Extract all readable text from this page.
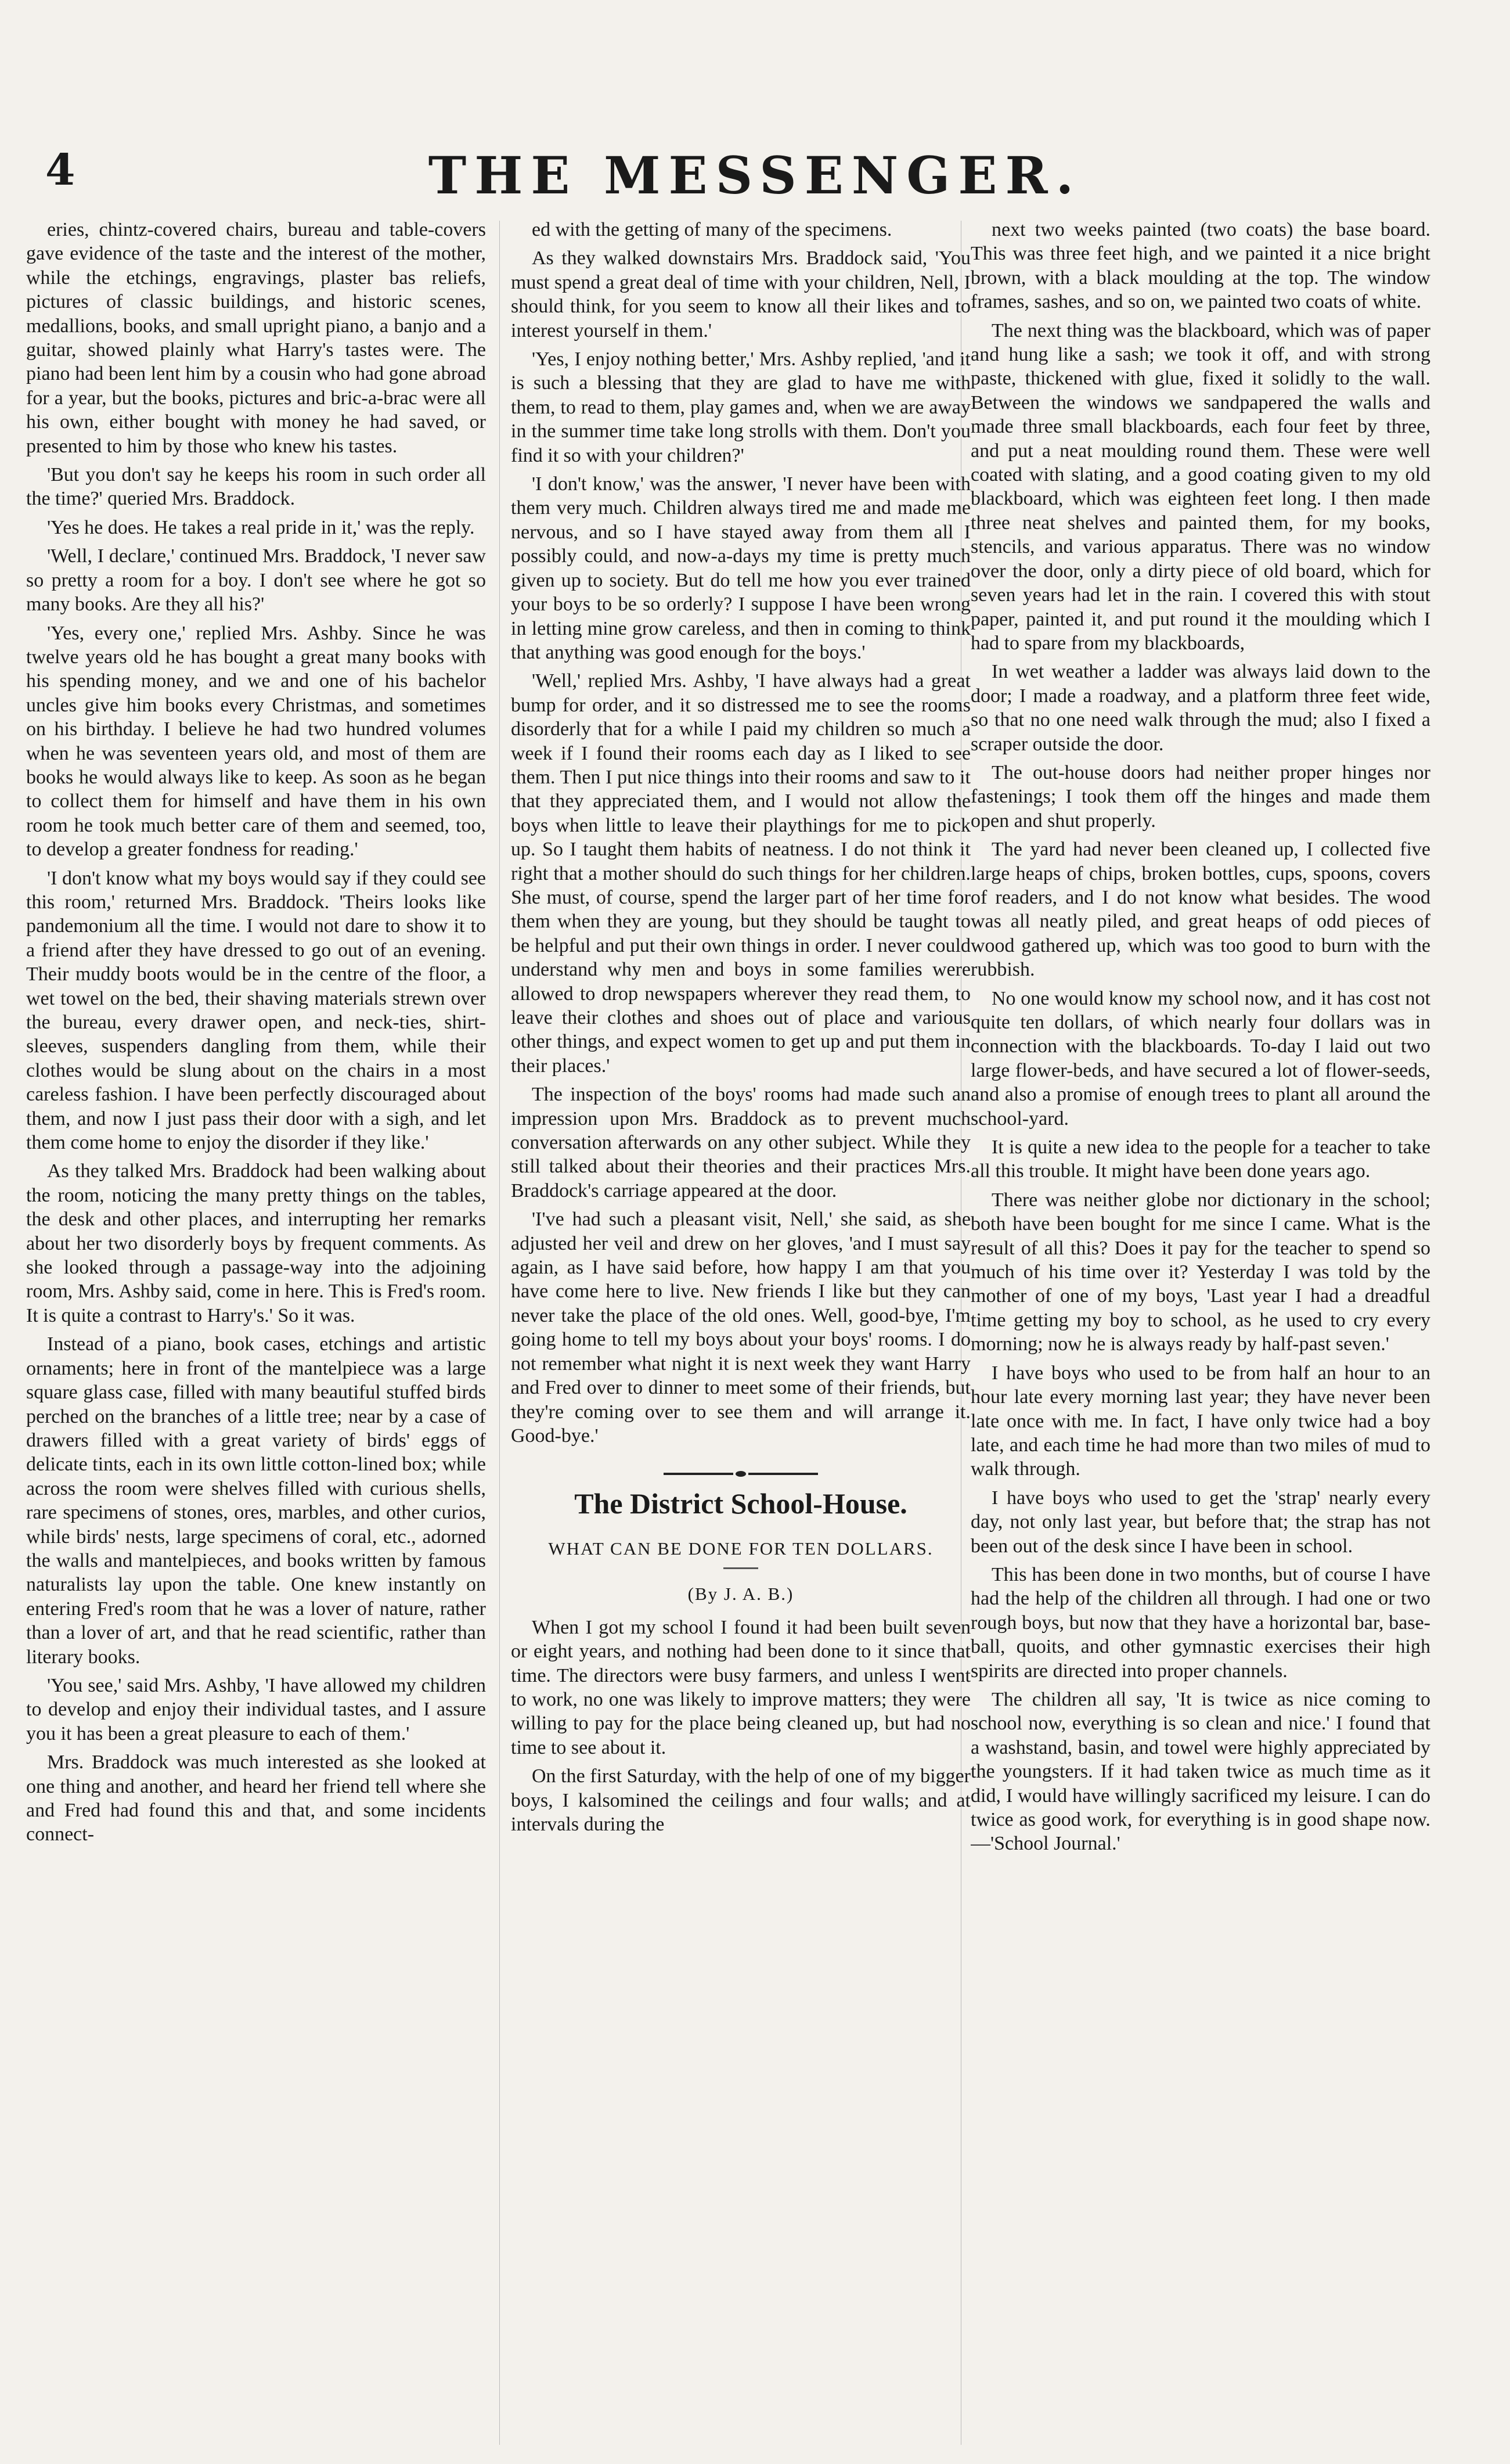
4	THE MESSENGER.

eries, chintz-covered chairs, bureau and table-covers gave evidence of the taste and the interest of the mother, while the etchings, engravings, plaster bas reliefs, pictures of classic buildings, and historic scenes, medallions, books, and small upright piano, a banjo and a guitar, showed plainly what Harry's tastes were. The piano had been lent him by a cousin who had gone abroad for a year, but the books, pictures and bric-a-brac were all his own, either bought with money he had saved, or presented to him by those who knew his tastes.

'But you don't say he keeps his room in such order all the time?' queried Mrs. Braddock.

'Yes he does. He takes a real pride in it,' was the reply.

'Well, I declare,' continued Mrs. Braddock, 'I never saw so pretty a room for a boy. I don't see where he got so many books. Are they all his?'

'Yes, every one,' replied Mrs. Ashby. Since he was twelve years old he has bought a great many books with his spending money, and we and one of his bachelor uncles give him books every Christmas, and sometimes on his birthday. I believe he had two hundred volumes when he was seventeen years old, and most of them are books he would always like to keep. As soon as he began to collect them for himself and have them in his own room he took much better care of them and seemed, too, to develop a greater fondness for reading.'

'I don't know what my boys would say if they could see this room,' returned Mrs. Braddock. 'Theirs looks like pandemonium all the time. I would not dare to show it to a friend after they have dressed to go out of an evening. Their muddy boots would be in the centre of the floor, a wet towel on the bed, their shaving materials strewn over the bureau, every drawer open, and neck-ties, shirt-sleeves, suspenders dangling from them, while their clothes would be slung about on the chairs in a most careless fashion. I have been perfectly discouraged about them, and now I just pass their door with a sigh, and let them come home to enjoy the disorder if they like.'

As they talked Mrs. Braddock had been walking about the room, noticing the many pretty things on the tables, the desk and other places, and interrupting her remarks about her two disorderly boys by frequent comments. As she looked through a passage-way into the adjoining room, Mrs. Ashby said, come in here. This is Fred's room. It is quite a contrast to Harry's.' So it was.

Instead of a piano, book cases, etchings and artistic ornaments; here in front of the mantelpiece was a large square glass case, filled with many beautiful stuffed birds perched on the branches of a little tree; near by a case of drawers filled with a great variety of birds' eggs of delicate tints, each in its own little cotton-lined box; while across the room were shelves filled with curious shells, rare specimens of stones, ores, marbles, and other curios, while birds' nests, large specimens of coral, etc., adorned the walls and mantelpieces, and books written by famous naturalists lay upon the table. One knew instantly on entering Fred's room that he was a lover of nature, rather than a lover of art, and that he read scientific, rather than literary books.

'You see,' said Mrs. Ashby, 'I have allowed my children to develop and enjoy their individual tastes, and I assure you it has been a great pleasure to each of them.'

Mrs. Braddock was much interested as she looked at one thing and another, and heard her friend tell where she and Fred had found this and that, and some incidents connect-

ed with the getting of many of the specimens.

As they walked downstairs Mrs. Braddock said, 'You must spend a great deal of time with your children, Nell, I should think, for you seem to know all their likes and to interest yourself in them.'

'Yes, I enjoy nothing better,' Mrs. Ashby replied, 'and it is such a blessing that they are glad to have me with them, to read to them, play games and, when we are away in the summer time take long strolls with them. Don't you find it so with your children?'

'I don't know,' was the answer, 'I never have been with them very much. Children always tired me and made me nervous, and so I have stayed away from them all I possibly could, and now-a-days my time is pretty much given up to society. But do tell me how you ever trained your boys to be so orderly? I suppose I have been wrong in letting mine grow careless, and then in coming to think that anything was good enough for the boys.'

'Well,' replied Mrs. Ashby, 'I have always had a great bump for order, and it so distressed me to see the rooms disorderly that for a while I paid my children so much a week if I found their rooms each day as I liked to see them. Then I put nice things into their rooms and saw to it that they appreciated them, and I would not allow the boys when little to leave their playthings for me to pick up. So I taught them habits of neatness. I do not think it right that a mother should do such things for her children. She must, of course, spend the larger part of her time for them when they are young, but they should be taught to be helpful and put their own things in order. I never could understand why men and boys in some families were allowed to drop newspapers wherever they read them, to leave their clothes and shoes out of place and various other things, and expect women to get up and put them in their places.'

The inspection of the boys' rooms had made such an impression upon Mrs. Braddock as to prevent much conversation afterwards on any other subject. While they still talked about their theories and their practices Mrs. Braddock's carriage appeared at the door.

'I've had such a pleasant visit, Nell,' she said, as she adjusted her veil and drew on her gloves, 'and I must say again, as I have said before, how happy I am that you have come here to live. New friends I like but they can never take the place of the old ones. Well, good-bye, I'm going home to tell my boys about your boys' rooms. I do not remember what night it is next week they want Harry and Fred over to dinner to meet some of their friends, but they're coming over to see them and will arrange it. Good-bye.'

The District School-House.
WHAT CAN BE DONE FOR TEN DOLLARS.
(By J. A. B.)

When I got my school I found it had been built seven or eight years, and nothing had been done to it since that time. The directors were busy farmers, and unless I went to work, no one was likely to improve matters; they were willing to pay for the place being cleaned up, but had no time to see about it.

On the first Saturday, with the help of one of my bigger boys, I kalsomined the ceilings and four walls; and at intervals during the

next two weeks painted (two coats) the base board. This was three feet high, and we painted it a nice bright brown, with a black moulding at the top. The window frames, sashes, and so on, we painted two coats of white.

The next thing was the blackboard, which was of paper and hung like a sash; we took it off, and with strong paste, thickened with glue, fixed it solidly to the wall. Between the windows we sandpapered the walls and made three small blackboards, each four feet by three, and put a neat moulding round them. These were well coated with slating, and a good coating given to my old blackboard, which was eighteen feet long. I then made three neat shelves and painted them, for my books, stencils, and various apparatus. There was no window over the door, only a dirty piece of old board, which for seven years had let in the rain. I covered this with stout paper, painted it, and put round it the moulding which I had to spare from my blackboards,

In wet weather a ladder was always laid down to the door; I made a roadway, and a platform three feet wide, so that no one need walk through the mud; also I fixed a scraper outside the door.

The out-house doors had neither proper hinges nor fastenings; I took them off the hinges and made them open and shut properly.

The yard had never been cleaned up, I collected five large heaps of chips, broken bottles, cups, spoons, covers of readers, and I do not know what besides. The wood was all neatly piled, and great heaps of odd pieces of wood gathered up, which was too good to burn with the rubbish.

No one would know my school now, and it has cost not quite ten dollars, of which nearly four dollars was in connection with the blackboards. To-day I laid out two large flower-beds, and have secured a lot of flower-seeds, and also a promise of enough trees to plant all around the school-yard.

It is quite a new idea to the people for a teacher to take all this trouble. It might have been done years ago.

There was neither globe nor dictionary in the school; both have been bought for me since I came. What is the result of all this? Does it pay for the teacher to spend so much of his time over it? Yesterday I was told by the mother of one of my boys, 'Last year I had a dreadful time getting my boy to school, as he used to cry every morning; now he is always ready by half-past seven.'

I have boys who used to be from half an hour to an hour late every morning last year; they have never been late once with me. In fact, I have only twice had a boy late, and each time he had more than two miles of mud to walk through.

I have boys who used to get the 'strap' nearly every day, not only last year, but before that; the strap has not been out of the desk since I have been in school.

This has been done in two months, but of course I have had the help of the children all through. I had one or two rough boys, but now that they have a horizontal bar, base-ball, quoits, and other gymnastic exercises their high spirits are directed into proper channels.

The children all say, 'It is twice as nice coming to school now, everything is so clean and nice.' I found that a washstand, basin, and towel were highly appreciated by the youngsters. If it had taken twice as much time as it did, I would have willingly sacrificed my leisure. I can do twice as good work, for everything is in good shape now. —'School Journal.'
